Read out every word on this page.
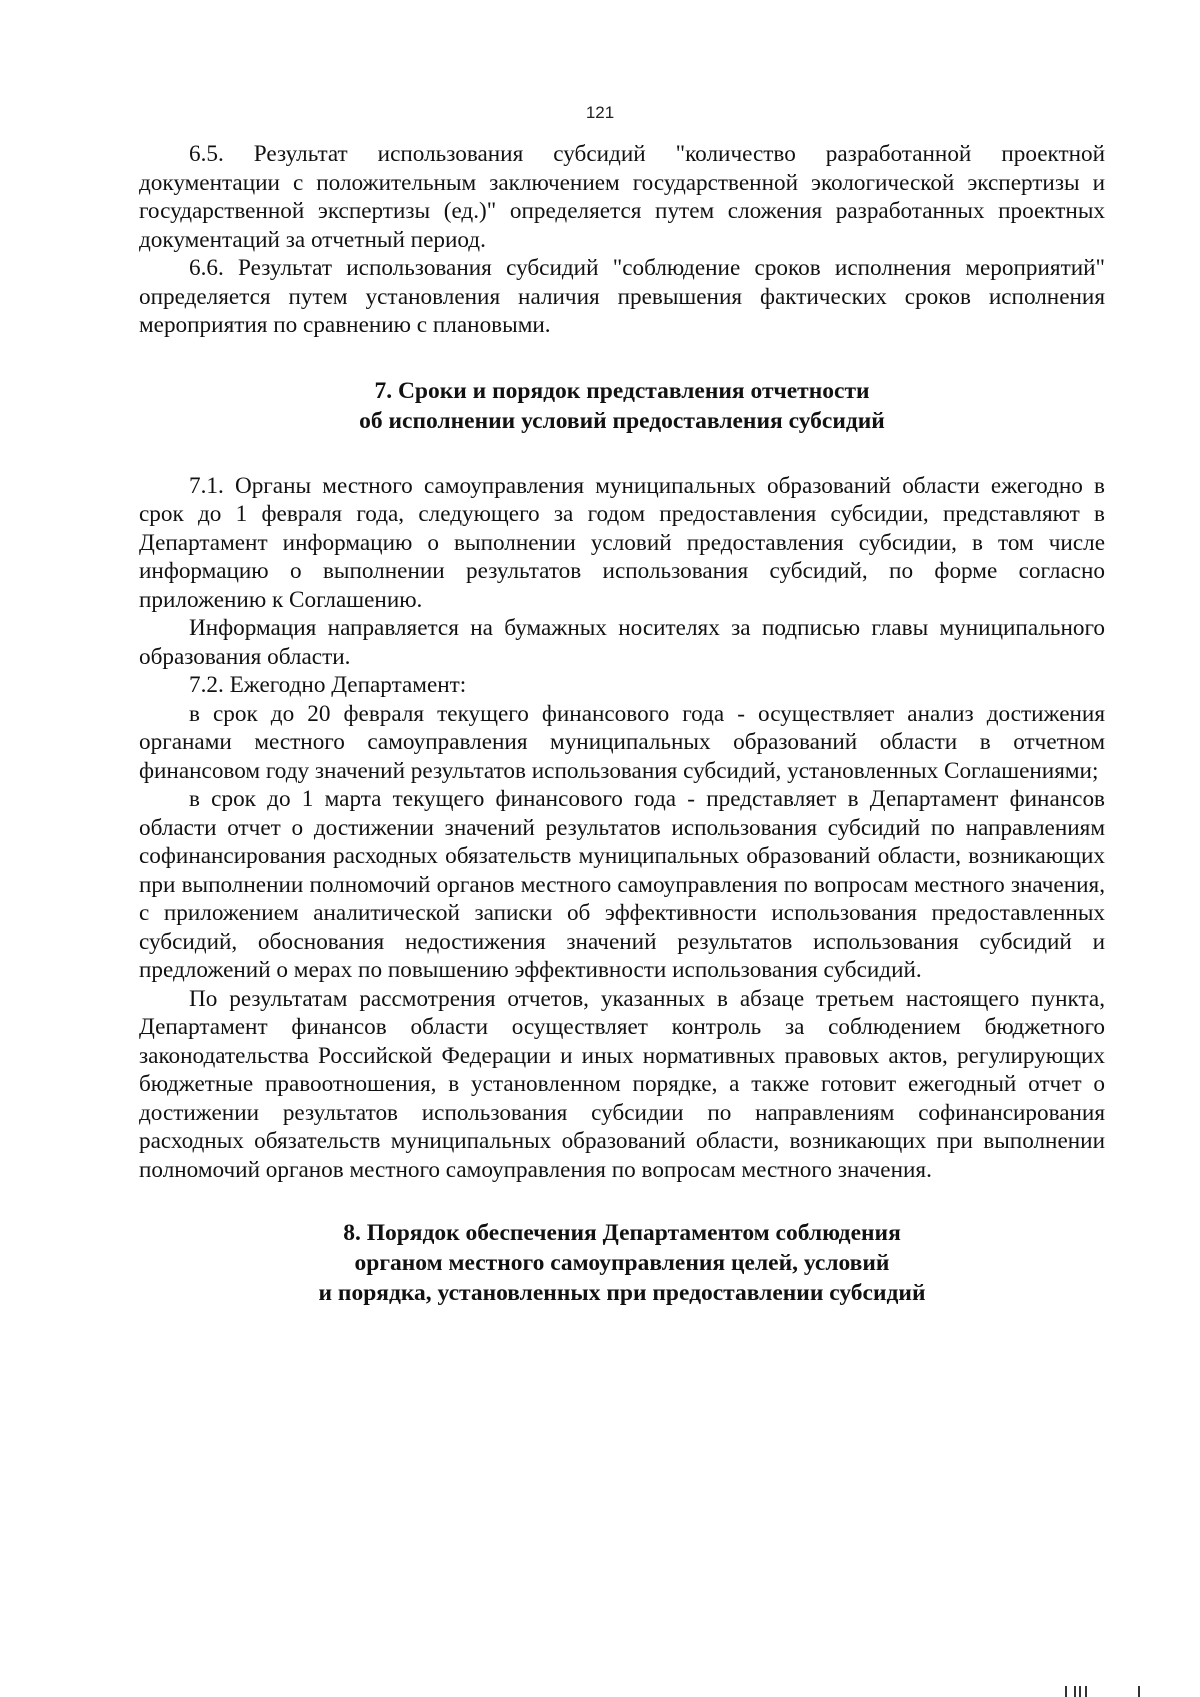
121

6.5. Результат использования субсидий "количество разработанной проектной документации с положительным заключением государственной экологической экспертизы и государственной экспертизы (ед.)" определяется путем сложения разработанных проектных документаций за отчетный период.

6.6. Результат использования субсидий "соблюдение сроков исполнения мероприятий" определяется путем установления наличия превышения фактических сроков исполнения мероприятия по сравнению с плановыми.

7. Сроки и порядок представления отчетности
об исполнении условий предоставления субсидий

7.1. Органы местного самоуправления муниципальных образований области ежегодно в срок до 1 февраля года, следующего за годом предоставления субсидии, представляют в Департамент информацию о выполнении условий предоставления субсидии, в том числе информацию о выполнении результатов использования субсидий, по форме согласно приложению к Соглашению.

Информация направляется на бумажных носителях за подписью главы муниципального образования области.

7.2. Ежегодно Департамент:

в срок до 20 февраля текущего финансового года - осуществляет анализ достижения органами местного самоуправления муниципальных образований области в отчетном финансовом году значений результатов использования субсидий, установленных Соглашениями;

в срок до 1 марта текущего финансового года - представляет в Департамент финансов области отчет о достижении значений результатов использования субсидий по направлениям софинансирования расходных обязательств муниципальных образований области, возникающих при выполнении полномочий органов местного самоуправления по вопросам местного значения, с приложением аналитической записки об эффективности использования предоставленных субсидий, обоснования недостижения значений результатов использования субсидий и предложений о мерах по повышению эффективности использования субсидий.

По результатам рассмотрения отчетов, указанных в абзаце третьем настоящего пункта, Департамент финансов области осуществляет контроль за соблюдением бюджетного законодательства Российской Федерации и иных нормативных правовых актов, регулирующих бюджетные правоотношения, в установленном порядке, а также готовит ежегодный отчет о достижении результатов использования субсидии по направлениям софинансирования расходных обязательств муниципальных образований области, возникающих при выполнении полномочий органов местного самоуправления по вопросам местного значения.

8. Порядок обеспечения Департаментом соблюдения
органом местного самоуправления целей, условий
и порядка, установленных при предоставлении субсидий
